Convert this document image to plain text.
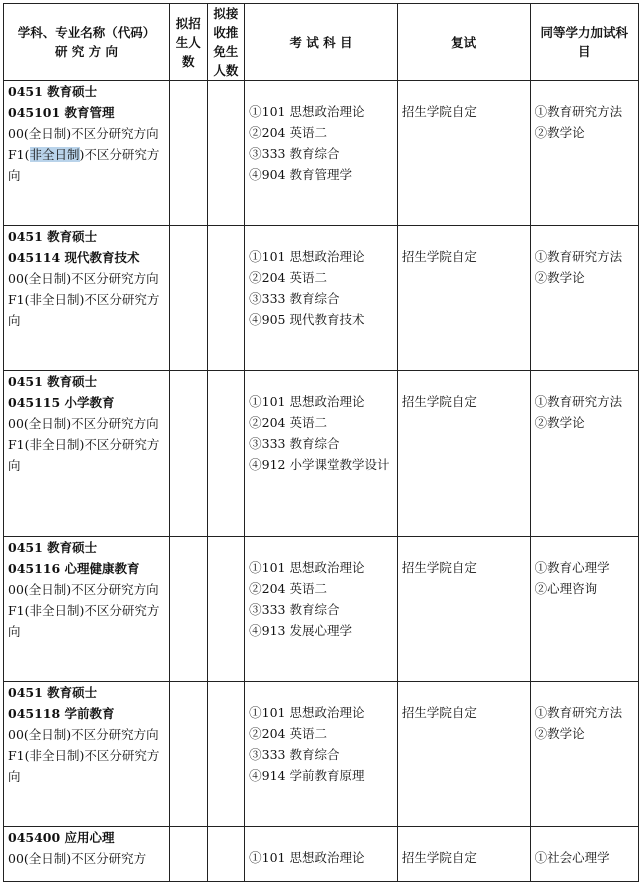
学科、专业名称（代码）
研 究 方 向	拟招生人数	拟接收推免生人数	考 试 科 目	复试	同等学力加试科目

0451 教育硕士
045101 教育管理
00(全日制)不区分研究方向
F1(非全日制)不区分研究方向			①101 思想政治理论
②204 英语二
③333 教育综合
④904 教育管理学	招生学院自定	①教育研究方法
②教学论

0451 教育硕士
045114 现代教育技术
00(全日制)不区分研究方向
F1(非全日制)不区分研究方向			①101 思想政治理论
②204 英语二
③333 教育综合
④905 现代教育技术	招生学院自定	①教育研究方法
②教学论

0451 教育硕士
045115 小学教育
00(全日制)不区分研究方向
F1(非全日制)不区分研究方向			①101 思想政治理论
②204 英语二
③333 教育综合
④912 小学课堂教学设计	招生学院自定	①教育研究方法
②教学论

0451 教育硕士
045116 心理健康教育
00(全日制)不区分研究方向
F1(非全日制)不区分研究方向			①101 思想政治理论
②204 英语二
③333 教育综合
④913 发展心理学	招生学院自定	①教育心理学
②心理咨询

0451 教育硕士
045118 学前教育
00(全日制)不区分研究方向
F1(非全日制)不区分研究方向			①101 思想政治理论
②204 英语二
③333 教育综合
④914 学前教育原理	招生学院自定	①教育研究方法
②教学论

045400 应用心理
00(全日制)不区分研究方			①101 思想政治理论	招生学院自定	①社会心理学
